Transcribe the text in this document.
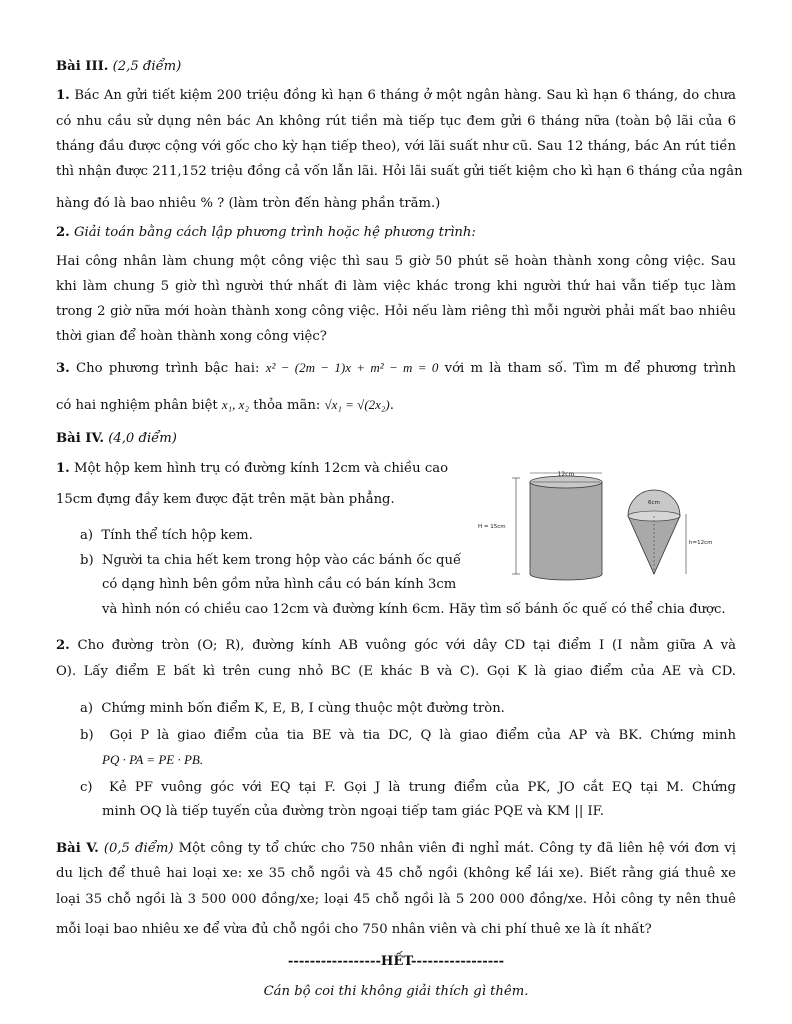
Bài III. (2,5 điểm)
1. Bác An gửi tiết kiệm 200 triệu đồng kì hạn 6 tháng ở một ngân hàng. Sau kì hạn 6 tháng, do chưa
có nhu cầu sử dụng nên bác An không rút tiền mà tiếp tục đem gửi 6 tháng nữa (toàn bộ lãi của 6
tháng đầu được cộng với gốc cho kỳ hạn tiếp theo), với lãi suất như cũ. Sau 12 tháng, bác An rút tiền
thì nhận được 211,152 triệu đồng cả vốn lẫn lãi. Hỏi lãi suất gửi tiết kiệm cho kì hạn 6 tháng của ngân
hàng đó là bao nhiêu % ? (làm tròn đến hàng phần trăm.)
2. Giải toán bằng cách lập phương trình hoặc hệ phương trình:
Hai công nhân làm chung một công việc thì sau 5 giờ 50 phút sẽ hoàn thành xong công việc. Sau
khi làm chung 5 giờ thì người thứ nhất đi làm việc khác trong khi người thứ hai vẫn tiếp tục làm
trong 2 giờ nữa mới hoàn thành xong công việc. Hỏi nếu làm riêng thì mỗi người phải mất bao nhiêu
thời gian để hoàn thành xong công việc?
3. Cho phương trình bậc hai: x² − (2m − 1)x + m² − m = 0 với m là tham số. Tìm m để phương trình
có hai nghiệm phân biệt x₁, x₂ thỏa mãn: √x₁ = √(2x₂).
Bài IV. (4,0 điểm)
1. Một hộp kem hình trụ có đường kính 12cm và chiều cao
15cm đựng đầy kem được đặt trên mặt bàn phẳng.
a) Tính thể tích hộp kem.
b) Người ta chia hết kem trong hộp vào các bánh ốc quế
có dạng hình bên gồm nửa hình cầu có bán kính 3cm
và hình nón có chiều cao 12cm và đường kính 6cm. Hãy tìm số bánh ốc quế có thể chia được.
12cm
H = 15cm
6cm
h=12cm
2. Cho đường tròn (O; R), đường kính AB vuông góc với dây CD tại điểm I (I nằm giữa A và
O). Lấy điểm E bất kì trên cung nhỏ BC (E khác B và C). Gọi K là giao điểm của AE và CD.
a) Chứng minh bốn điểm K, E, B, I cùng thuộc một đường tròn.
b) Gọi P là giao điểm của tia BE và tia DC, Q là giao điểm của AP và BK. Chứng minh
PQ · PA = PE · PB.
c) Kẻ PF vuông góc với EQ tại F. Gọi J là trung điểm của PK, JO cắt EQ tại M. Chứng
minh OQ là tiếp tuyến của đường tròn ngoại tiếp tam giác PQE và KM || IF.
Bài V. (0,5 điểm) Một công ty tổ chức cho 750 nhân viên đi nghỉ mát. Công ty đã liên hệ với đơn vị
du lịch để thuê hai loại xe: xe 35 chỗ ngồi và 45 chỗ ngồi (không kể lái xe). Biết rằng giá thuê xe
loại 35 chỗ ngồi là 3 500 000 đồng/xe; loại 45 chỗ ngồi là 5 200 000 đồng/xe. Hỏi công ty nên thuê
mỗi loại bao nhiêu xe để vừa đủ chỗ ngồi cho 750 nhân viên và chi phí thuê xe là ít nhất?
-----------------HẾT-----------------
Cán bộ coi thi không giải thích gì thêm.
